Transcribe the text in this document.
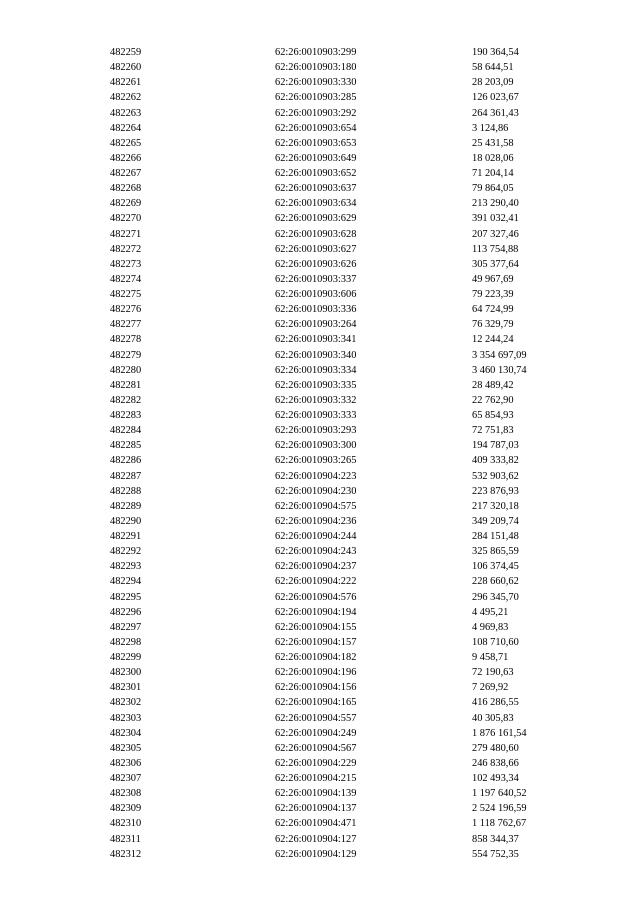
482259	62:26:0010903:299	190 364,54
482260	62:26:0010903:180	58 644,51
482261	62:26:0010903:330	28 203,09
482262	62:26:0010903:285	126 023,67
482263	62:26:0010903:292	264 361,43
482264	62:26:0010903:654	3 124,86
482265	62:26:0010903:653	25 431,58
482266	62:26:0010903:649	18 028,06
482267	62:26:0010903:652	71 204,14
482268	62:26:0010903:637	79 864,05
482269	62:26:0010903:634	213 290,40
482270	62:26:0010903:629	391 032,41
482271	62:26:0010903:628	207 327,46
482272	62:26:0010903:627	113 754,88
482273	62:26:0010903:626	305 377,64
482274	62:26:0010903:337	49 967,69
482275	62:26:0010903:606	79 223,39
482276	62:26:0010903:336	64 724,99
482277	62:26:0010903:264	76 329,79
482278	62:26:0010903:341	12 244,24
482279	62:26:0010903:340	3 354 697,09
482280	62:26:0010903:334	3 460 130,74
482281	62:26:0010903:335	28 489,42
482282	62:26:0010903:332	22 762,90
482283	62:26:0010903:333	65 854,93
482284	62:26:0010903:293	72 751,83
482285	62:26:0010903:300	194 787,03
482286	62:26:0010903:265	409 333,82
482287	62:26:0010904:223	532 903,62
482288	62:26:0010904:230	223 876,93
482289	62:26:0010904:575	217 320,18
482290	62:26:0010904:236	349 209,74
482291	62:26:0010904:244	284 151,48
482292	62:26:0010904:243	325 865,59
482293	62:26:0010904:237	106 374,45
482294	62:26:0010904:222	228 660,62
482295	62:26:0010904:576	296 345,70
482296	62:26:0010904:194	4 495,21
482297	62:26:0010904:155	4 969,83
482298	62:26:0010904:157	108 710,60
482299	62:26:0010904:182	9 458,71
482300	62:26:0010904:196	72 190,63
482301	62:26:0010904:156	7 269,92
482302	62:26:0010904:165	416 286,55
482303	62:26:0010904:557	40 305,83
482304	62:26:0010904:249	1 876 161,54
482305	62:26:0010904:567	279 480,60
482306	62:26:0010904:229	246 838,66
482307	62:26:0010904:215	102 493,34
482308	62:26:0010904:139	1 197 640,52
482309	62:26:0010904:137	2 524 196,59
482310	62:26:0010904:471	1 118 762,67
482311	62:26:0010904:127	858 344,37
482312	62:26:0010904:129	554 752,35
